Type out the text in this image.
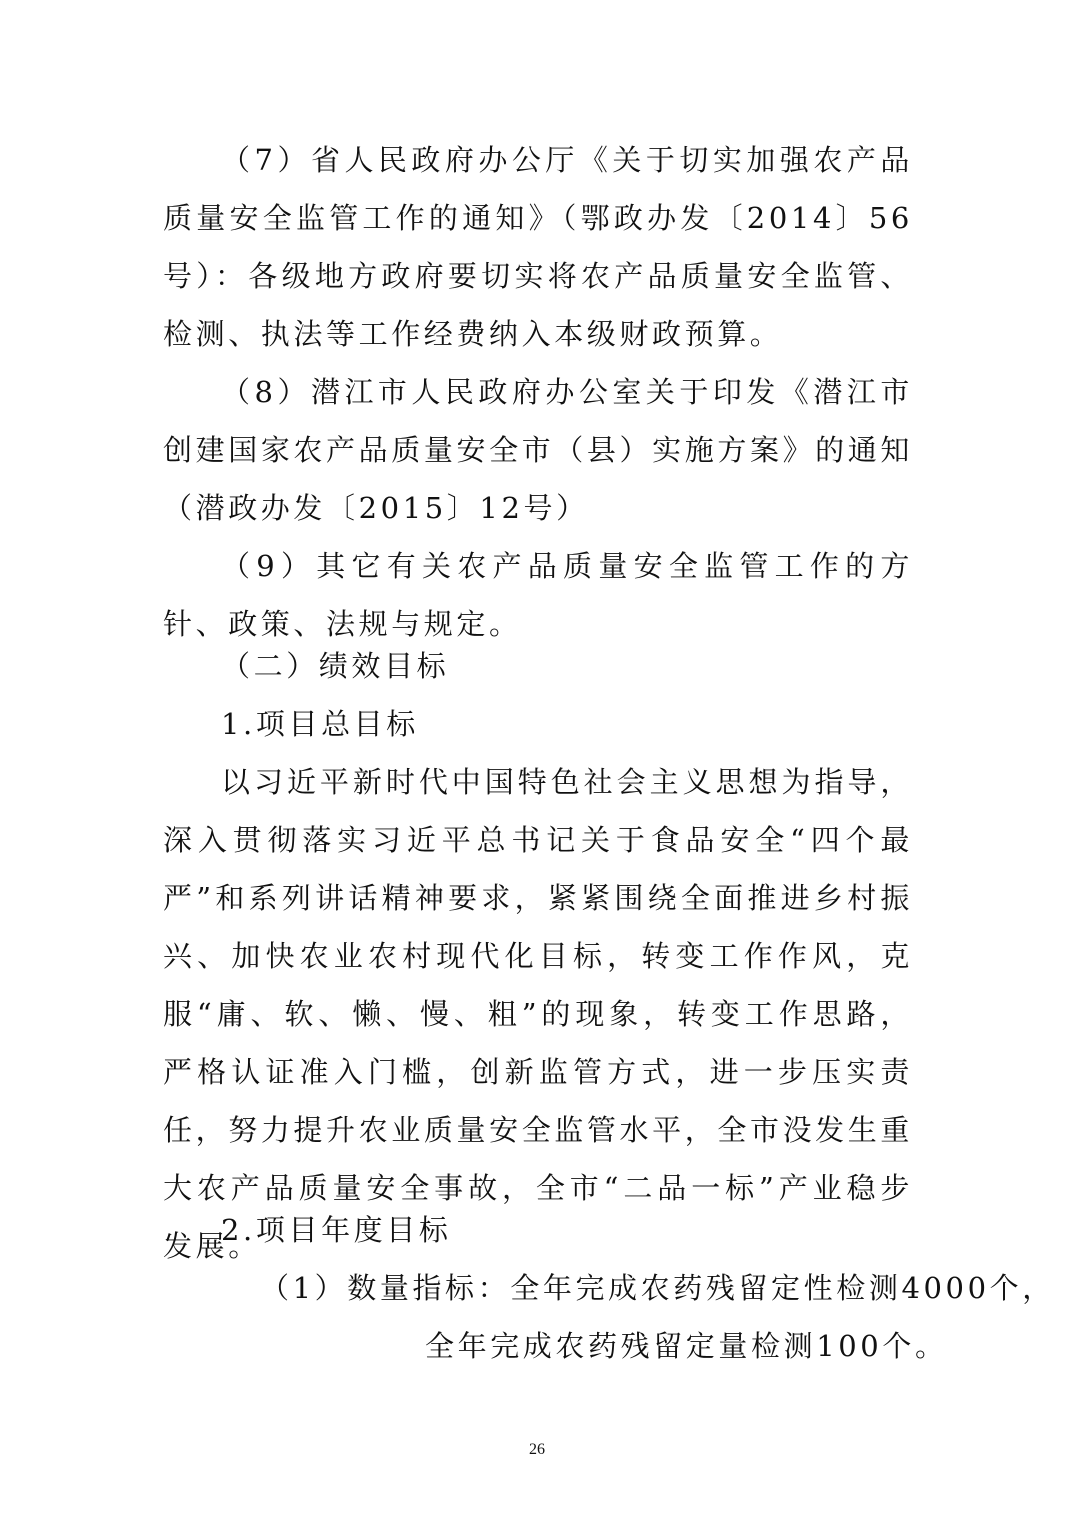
（7）省人民政府办公厅《关于切实加强农产品质量安全监管工作的通知》（鄂政办发〔2014〕56号）：各级地方政府要切实将农产品质量安全监管、检测、执法等工作经费纳入本级财政预算。

（8）潜江市人民政府办公室关于印发《潜江市创建国家农产品质量安全市（县）实施方案》的通知（潜政办发〔2015〕12号）

（9）其它有关农产品质量安全监管工作的方针、政策、法规与规定。

（二）绩效目标

1.项目总目标

以习近平新时代中国特色社会主义思想为指导，深入贯彻落实习近平总书记关于食品安全“四个最严”和系列讲话精神要求，紧紧围绕全面推进乡村振兴、加快农业农村现代化目标，转变工作作风，克服“庸、软、懒、慢、粗”的现象，转变工作思路，严格认证准入门槛，创新监管方式，进一步压实责任，努力提升农业质量安全监管水平，全市没发生重大农产品质量安全事故，全市“二品一标”产业稳步发展。

2.项目年度目标

（1）数量指标：全年完成农药残留定性检测4000个，

全年完成农药残留定量检测100个。

26
